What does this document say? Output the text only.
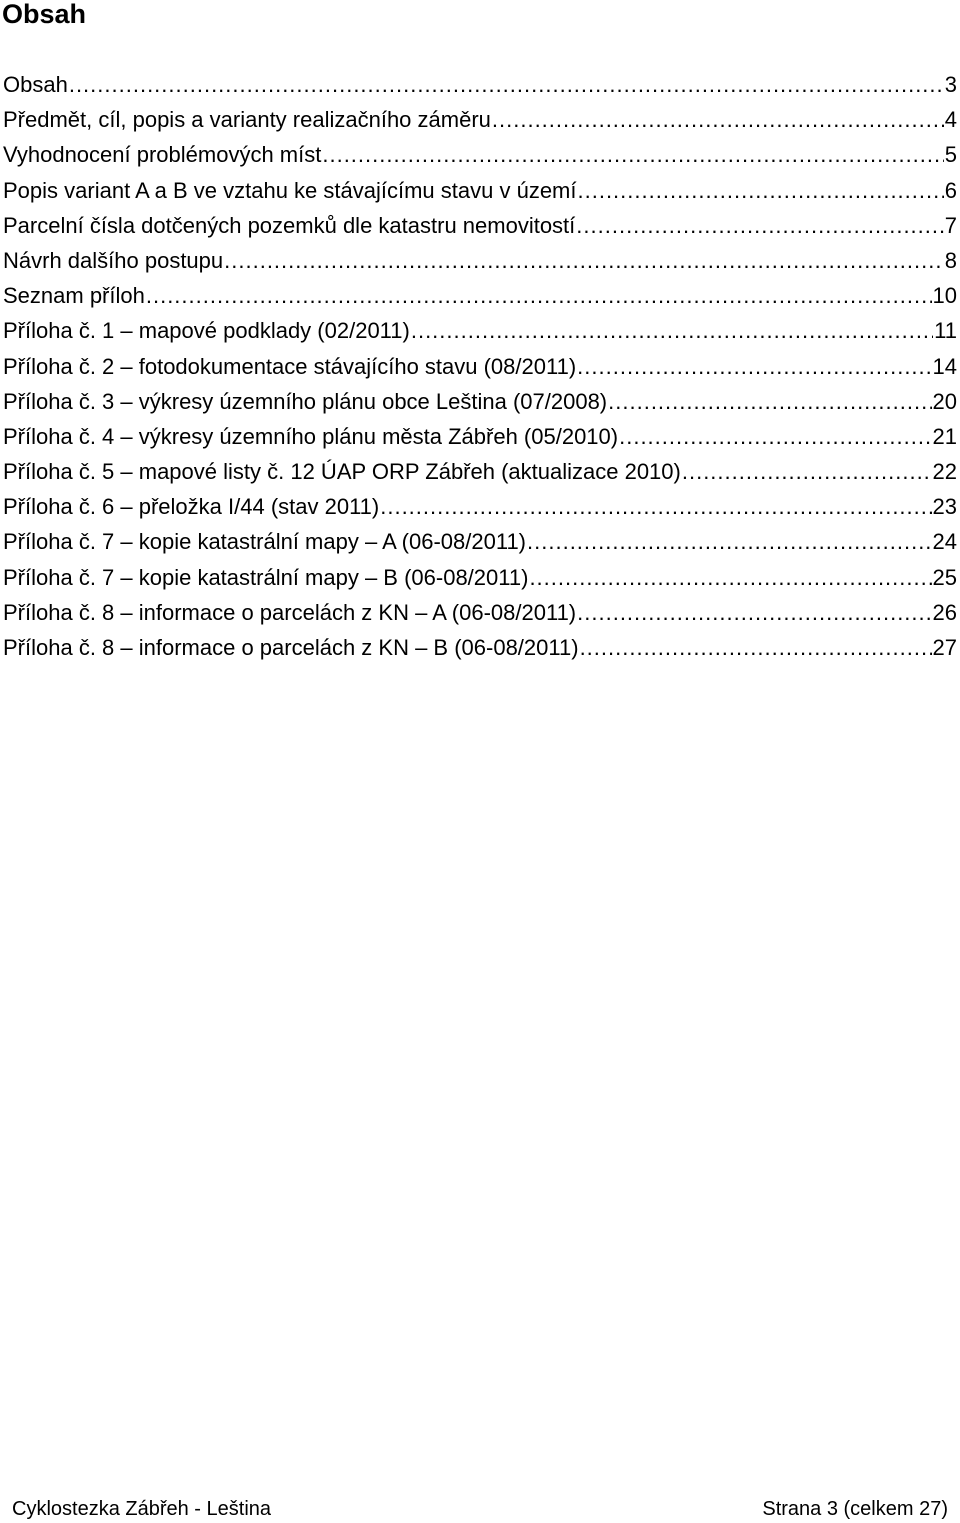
Obsah
Obsah .....	3
Předmět, cíl, popis a varianty realizačního záměru .....	4
Vyhodnocení problémových míst .....	5
Popis variant A a B ve vztahu ke stávajícímu stavu v území .....	6
Parcelní čísla dotčených pozemků dle katastru nemovitostí .....	7
Návrh dalšího postupu .....	8
Seznam příloh .....	10
Příloha č. 1 – mapové podklady (02/2011) .....	11
Příloha č. 2 – fotodokumentace stávajícího stavu (08/2011) .....	14
Příloha č. 3 – výkresy územního plánu obce Leština (07/2008) .....	20
Příloha č. 4 – výkresy územního plánu města Zábřeh (05/2010) .....	21
Příloha č. 5 – mapové listy č. 12 ÚAP ORP Zábřeh (aktualizace 2010) .....	22
Příloha č. 6 – přeložka I/44 (stav 2011) .....	23
Příloha č. 7 – kopie katastrální mapy – A (06-08/2011) .....	24
Příloha č. 7 – kopie katastrální mapy – B (06-08/2011) .....	25
Příloha č. 8 – informace o parcelách z KN – A (06-08/2011) .....	26
Příloha č. 8 – informace o parcelách z KN – B (06-08/2011) .....	27
Cyklostezka Zábřeh - Leština	Strana 3 (celkem 27)
